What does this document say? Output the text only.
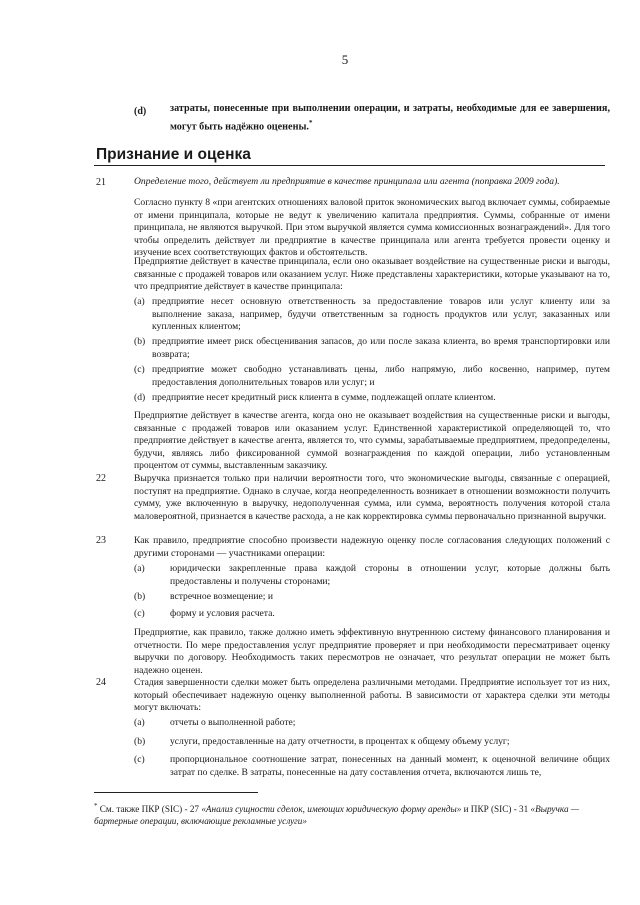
5
(d) затраты, понесенные при выполнении операции, и затраты, необходимые для ее завершения, могут быть надёжно оценены.*
Признание и оценка
21	Определение того, действует ли предприятие в качестве принципала или агента (поправка 2009 года).
Согласно пункту 8 «при агентских отношениях валовой приток экономических выгод включает суммы, собираемые от имени принципала, которые не ведут к увеличению капитала предприятия. Суммы, собранные от имени принципала, не являются выручкой. При этом выручкой является сумма комиссионных вознаграждений». Для того чтобы определить действует ли предприятие в качестве принципала или агента требуется провести оценку и изучение всех соответствующих фактов и обстоятельств.
Предприятие действует в качестве принципала, если оно оказывает воздействие на существенные риски и выгоды, связанные с продажей товаров или оказанием услуг. Ниже представлены характеристики, которые указывают на то, что предприятие действует в качестве принципала:
(a) предприятие несет основную ответственность за предоставление товаров или услуг клиенту или за выполнение заказа, например, будучи ответственным за годность продуктов или услуг, заказанных или купленных клиентом;
(b) предприятие имеет риск обесценивания запасов, до или после заказа клиента, во время транспортировки или возврата;
(c) предприятие может свободно устанавливать цены, либо напрямую, либо косвенно, например, путем предоставления дополнительных товаров или услуг; и
(d) предприятие несет кредитный риск клиента в сумме, подлежащей оплате клиентом.
Предприятие действует в качестве агента, когда оно не оказывает воздействия на существенные риски и выгоды, связанные с продажей товаров или оказанием услуг. Единственной характеристикой определяющей то, что предприятие действует в качестве агента, является то, что суммы, зарабатываемые предприятием, предопределены, будучи, являясь либо фиксированной суммой вознаграждения по каждой операции, либо установленным процентом от суммы, выставленным заказчику.
22	Выручка признается только при наличии вероятности того, что экономические выгоды, связанные с операцией, поступят на предприятие. Однако в случае, когда неопределенность возникает в отношении возможности получить сумму, уже включенную в выручку, недополученная сумма, или сумма, вероятность получения которой стала маловероятной, признается в качестве расхода, а не как корректировка суммы первоначально признанной выручки.
23	Как правило, предприятие способно произвести надежную оценку после согласования следующих положений с другими сторонами — участниками операции:
(a)	юридически закрепленные права каждой стороны в отношении услуг, которые должны быть предоставлены и получены сторонами;
(b)	встречное возмещение; и
(c)	форму и условия расчета.
Предприятие, как правило, также должно иметь эффективную внутреннюю систему финансового планирования и отчетности. По мере предоставления услуг предприятие проверяет и при необходимости пересматривает оценку выручки по договору. Необходимость таких пересмотров не означает, что результат операции не может быть надежно оценен.
24	Стадия завершенности сделки может быть определена различными методами. Предприятие использует тот из них, который обеспечивает надежную оценку выполненной работы. В зависимости от характера сделки эти методы могут включать:
(a)	отчеты о выполненной работе;
(b)	услуги, предоставленные на дату отчетности, в процентах к общему объему услуг;
(c)	пропорциональное соотношение затрат, понесенных на данный момент, к оценочной величине общих затрат по сделке. В затраты, понесенные на дату составления отчета, включаются лишь те,
* См. также ПКР (SIC) - 27 «Анализ сущности сделок, имеющих юридическую форму аренды» и ПКР (SIC) - 31 «Выручка — бартерные операции, включающие рекламные услуги»
